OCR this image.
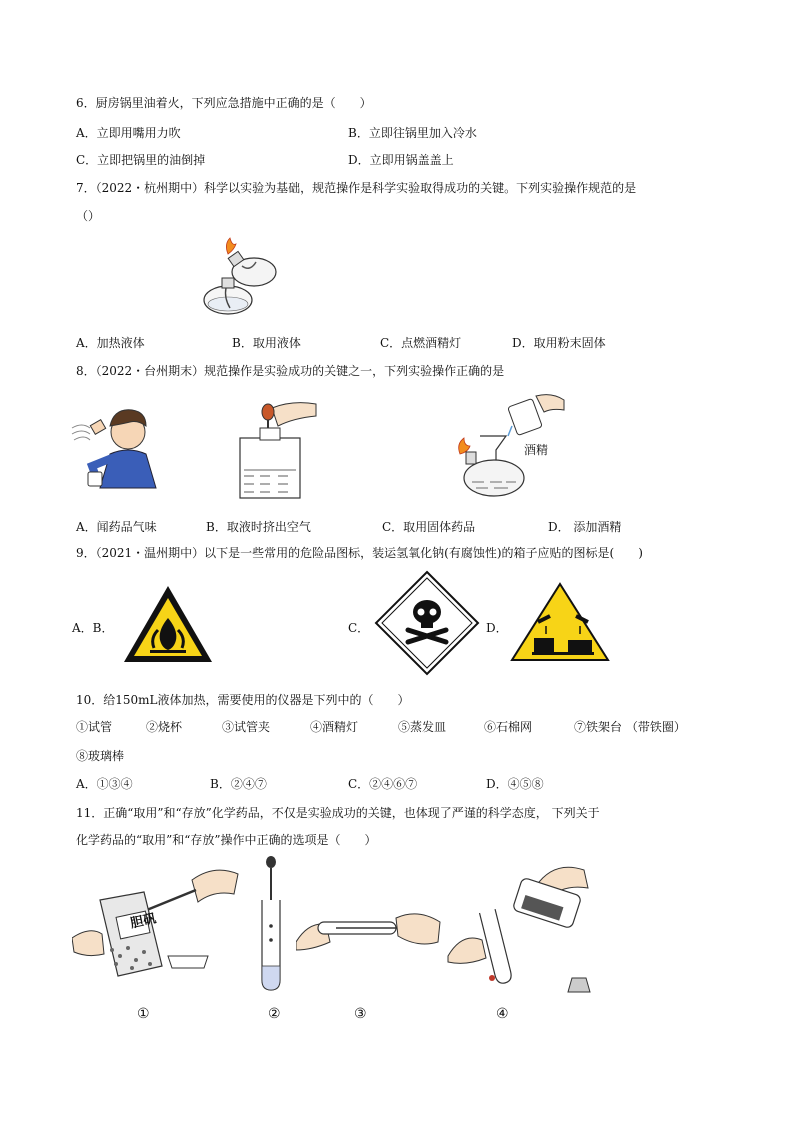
6．厨房锅里油着火，下列应急措施中正确的是（　　）
A．立即用嘴用力吹	B．立即往锅里加入冷水
C．立即把锅里的油倒掉	D．立即用锅盖盖上
7．（2022・杭州期中）科学以实验为基础，规范操作是科学实验取得成功的关键。下列实验操作规范的是
（）
A．加热液体	B．取用液体	C．点燃酒精灯	D．取用粉末固体
8．（2022・台州期末）规范操作是实验成功的关键之一，下列实验操作正确的是
酒精
A．闻药品气味	B．取液时挤出空气	C．取用固体药品	D． 添加酒精
9．（2021・温州期中）以下是一些常用的危险品图标，装运氢氧化钠(有腐蚀性)的箱子应贴的图标是(　　)
A．B．	C．	D．
10．给150mL液体加热，需要使用的仪器是下列中的（　　）
①试管	②烧杯	③试管夹	④酒精灯	⑤蒸发皿	⑥石棉网	⑦铁架台 （带铁圈）
⑧玻璃棒
A．①③④	B．②④⑦	C．②④⑥⑦	D．④⑤⑧
11．正确“取用”和“存放”化学药品，不仅是实验成功的关键，也体现了严谨的科学态度， 下列关于
化学药品的“取用”和“存放”操作中正确的选项是（　　）
胆矾
①	②	③	④
